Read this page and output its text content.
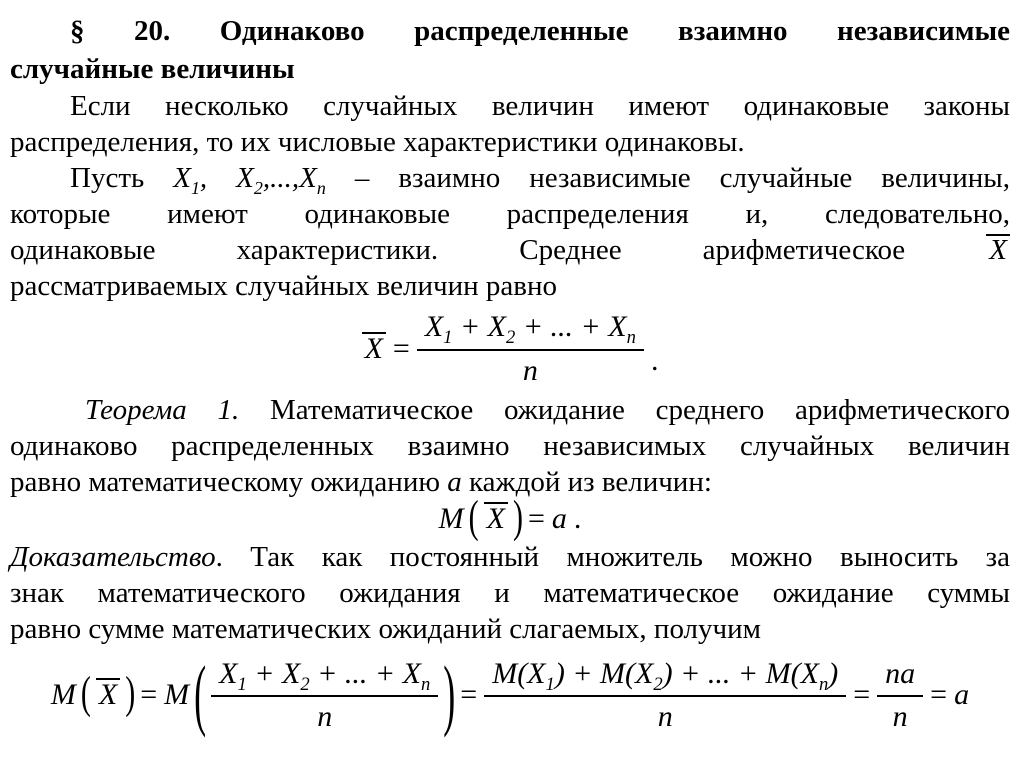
§ 20. Одинаково распределенные взаимно независимые
случайные величины
Если несколько случайных величин имеют одинаковые законы
распределения, то их числовые характеристики одинаковы.
Пусть $X_1$, $X_2,...,X_n$ – взаимно независимые случайные величины,
которые имеют одинаковые распределения и, следовательно,
одинаковые характеристики. Среднее арифметическое	X
рассматриваемых случайных величин равно
$X = \frac{X_1 + X_2 + ... + X_n}{n}$ .
Теорема 1. Математическое ожидание среднего арифметического
одинаково распределенных взаимно независимых случайных величин
равно математическому ожиданию a каждой из величин:
M ( X ) = a .
Доказательство. Так как постоянный множитель можно выносить за
знак математического ожидания и математическое ожидание суммы
равно сумме математических ожиданий слагаемых, получим
M ( X ) = M ( $\frac{X_1 + X_2 + ... + X_n}{n}$ ) = $\frac{M(X_1) + M(X_2) + ... + M(X_n)}{n} = \frac{na}{n} = a$
